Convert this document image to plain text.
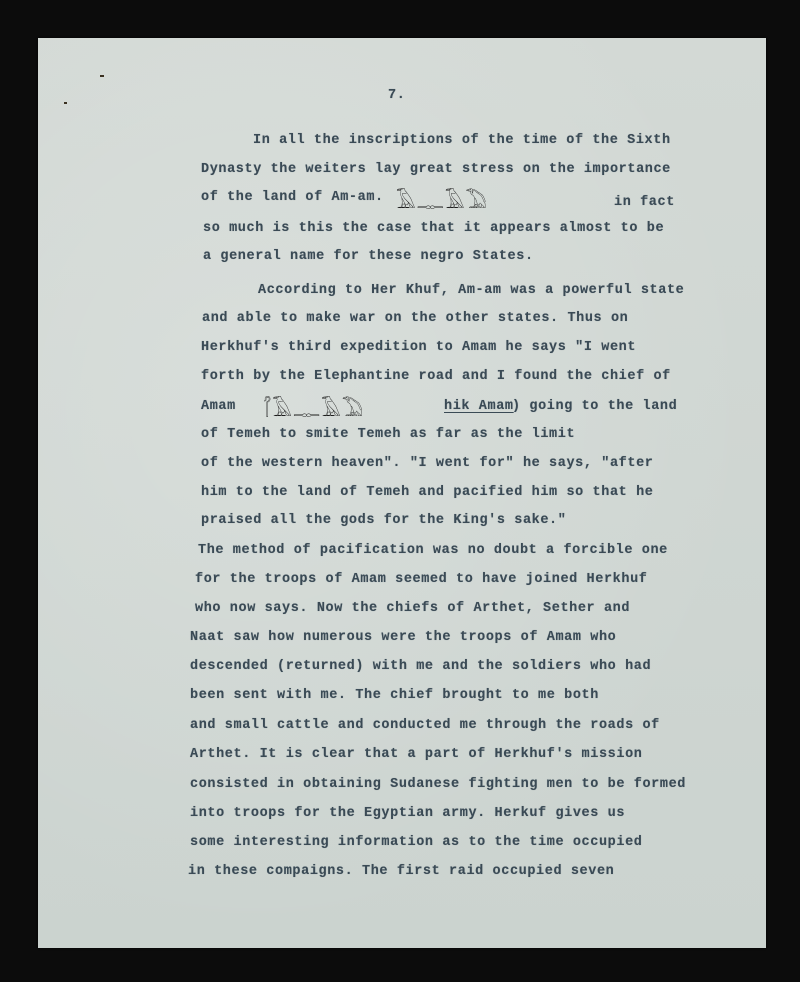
7.
In all the inscriptions of the time of the Sixth
Dynasty the weiters lay great stress on the importance
of the land of Am-am. 𓄿𓊃𓄿𓅐	in fact
so much is this the case that it appears almost to be
a general name for these negro States.
According to Her Khuf, Am-am was a powerful state
and able to make war on the other states. Thus on
Herkhuf's third expedition to Amam he says "I went
forth by the Elephantine road and I found the chief of
Amam 𓋾𓄿𓊃𓄿𓅐	hik Amam
) going to the land
of Temeh to smite Temeh as far as the limit
of the western heaven". "I went for" he says, "after
him to the land of Temeh and pacified him so that he
praised all the gods for the King's sake."
The method of pacification was no doubt a forcible one
for the troops of Amam seemed to have joined Herkhuf
who now says. Now the chiefs of Arthet, Sether and
Naat saw how numerous were the troops of Amam who
descended (returned) with me and the soldiers who had
been sent with me. The chief brought to me both
and small cattle and conducted me through the roads of
Arthet. It is clear that a part of Herkhuf's mission
consisted in obtaining Sudanese fighting men to be formed
into troops for the Egyptian army. Herkuf gives us
some interesting information as to the time occupied
in these compaigns. The first raid occupied seven
